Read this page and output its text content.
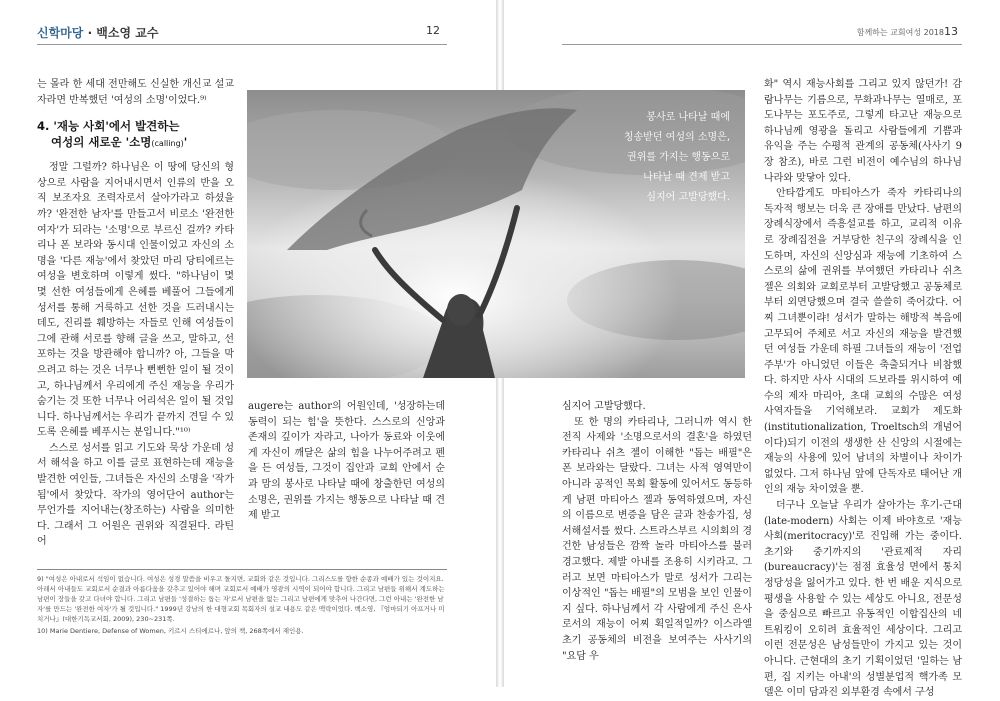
신학마당 · 백소영 교수	12	함께하는 교회여성 2018 13

는 몰라 한 세대 전만해도 신실한 개신교 설교자라면 반복했던 '여성의 소명'이었다.⁹⁾

4. '재능 사회'에서 발견하는
여성의 새로운 '소명(calling)'

정말 그럴까? 하나님은 이 땅에 당신의 형상으로 사람을 지어내시면서 인류의 반을 오직 보조자요 조력자로서 살아가라고 하셨을까? '완전한 남자'를 만들고서 비로소 '완전한 여자'가 되라는 '소명'으로 부르신 걸까? 카타리나 폰 보라와 동시대 인물이었고 자신의 소명을 '다른 재능'에서 찾았던 마리 당티에르는 여성을 변호하며 이렇게 썼다. "하나님이 몇몇 선한 여성들에게 은혜를 베풀어 그들에게 성서를 통해 거룩하고 선한 것을 드러내시는 데도, 진리를 훼방하는 자들로 인해 여성들이 그에 관해 서로를 향해 글을 쓰고, 말하고, 선포하는 것을 방관해야 합니까? 아, 그들을 막으려고 하는 것은 너무나 뻔뻔한 일이 될 것이고, 하나님께서 우리에게 주신 재능을 우리가 숨기는 것 또한 너무나 어리석은 일이 될 것입니다. 하나님께서는 우리가 끝까지 견딜 수 있도록 은혜를 베푸시는 분입니다."¹⁰⁾

스스로 성서를 읽고 기도와 묵상 가운데 성서 해석을 하고 이를 글로 표현하는데 재능을 발견한 여인들, 그녀들은 자신의 소명을 '작가됨'에서 찾았다. 작가의 영어단어 author는 무언가를 지어내는(창조하는) 사람을 의미한다. 그래서 그 어원은 권위와 직결된다. 라틴어

봉사로 나타날 때에
칭송받던 여성의 소명은,
권위를 가지는 행동으로
나타날 때 견제 받고
심지어 고발당했다.

augere는 author의 어원인데, '성장하는데 동력이 되는 힘'을 뜻한다. 스스로의 신앙과 존재의 깊이가 자라고, 나아가 동료와 이웃에게 자신이 깨달은 삶의 힘을 나누어주려고 펜을 든 여성들, 그것이 집안과 교회 안에서 순과 맘의 봉사로 나타날 때에 창출한던 여성의 소명은, 권위를 가지는 행동으로 나타날 때 견제 받고

심지어 고발당했다.

또 한 명의 카타리나, 그러니까 역시 한 전직 사제와 '소명으로서의 결혼'을 하였던 카타리나 쉬츠 젤이 이해한 "돕는 배필"은 폰 보라와는 달랐다. 그녀는 사적 영역만이 아니라 공적인 목회 활동에 있어서도 동등하게 남편 마티아스 젤과 동역하였으며, 자신의 이름으로 변증을 담은 글과 찬송가집, 성서해설서를 썼다. 스트라스부르 시의회의 경건한 남성들은 깜짝 놀라 마티아스를 불러 경고했다. 제발 아내를 조용히 시키라고. 그러고 보면 마티아스가 말로 성서가 그리는 이상적인 "돕는 배필"의 모범을 보인 인물이지 싶다. 하나님께서 각 사람에게 주신 은사로서의 재능이 어찌 획일적일까? 이스라엘 초기 공동체의 비전을 보여주는 사사기의 "요담 우

화" 역시 재능사회를 그리고 있지 않던가! 감람나무는 기름으로, 무화과나무는 열매로, 포도나무는 포도주로, 그렇게 타고난 재능으로 하나님께 영광을 돌리고 사람들에게 기쁨과 유익을 주는 수평적 관계의 공동체(사사기 9장 참조), 바로 그런 비전이 예수님의 하나님 나라와 맞닿아 있다.

안타깝게도 마티아스가 죽자 카타리나의 독자적 행보는 더욱 큰 장애를 만났다. 남편의 장례식장에서 즉흥설교를 하고, 교리적 이유로 장례집전을 거부당한 친구의 장례식을 인도하며, 자신의 신앙심과 재능에 기초하여 스스로의 삶에 권위를 부여했던 카타리나 쉬츠 젤은 의회와 교회로부터 고발당했고 공동체로부터 외면당했으며 결국 쓸쓸히 죽어갔다. 어찌 그녀뿐이랴! 성서가 말하는 해방적 복음에 고무되어 주체로 서고 자신의 재능을 발견했던 여성들 가운데 하필 그녀들의 재능이 '전업주부'가 아니었던 이들은 축출되거나 비참했다. 하지만 사사 시대의 드보라를 위시하여 예수의 제자 마리아, 초대 교회의 수많은 여성 사역자들을 기억해보라. 교회가 제도화(institutionalization, Troeltsch의 개념어이다)되기 이전의 생생한 산 신앙의 시절에는 재능의 사용에 있어 남녀의 차별이나 차이가 없었다. 그저 하나님 앞에 단독자로 태어난 개인의 재능 차이였을 뿐.

더구나 오늘날 우리가 살아가는 후기-근대(late-modern) 사회는 이제 바야흐로 '재능사회(meritocracy)'로 진입해 가는 중이다. 초기와 중기까지의 '관료제적 자리(bureaucracy)'는 점점 효율성 면에서 통치정당성을 잃어가고 있다. 한 번 배운 지식으로 평생을 사용할 수 있는 세상도 아니요, 전문성을 중심으로 빠르고 유동적인 이합집산의 네트워킹이 오히려 효율적인 세상이다. 그리고 이런 전문성은 남성들만이 가지고 있는 것이 아니다. 근현대의 초기 기획이었던 '일하는 남편, 집 지키는 아내'의 성별분업적 핵가족 모델은 이미 담과진 외부환경 속에서 구성

9) "여성은 아내로서 석임이 없습니다. 여성은 성경 말씀을 비우고 돌지면, 교회와 같은 것입니다. 그리스도를 향한 순종과 예배가 있는 것이지요. 아래서 아내들도 교회로서 순결과 아름다움을 갖추고 있어야 해며 교회로서 예배가 영광의 시역이 되어야 합니다. 그리고 남편들 위해서 계도하는 남편이 장들을 갖고 다녀야 합니다. 그리고 남편들 '성결하는 돕는 자'로서 남편을 없는 그리고 남편에게 맞추어 나간다면, 그런 아내는 '완전한 남자'를 만드는 '완전한 여자'가 될 것입니다." 1999년 강남의 한 대형교회 목회자의 설교 내용도 같은 맥락이었다. 백소영, 『엄마되기 아프거나 미치거나』(대한기독교서회, 2009), 230~231쪽.

10) Marie Dentiere, Defense of Women, 키르시 스티에르나, 앞의 책, 268쪽에서 재인용.
